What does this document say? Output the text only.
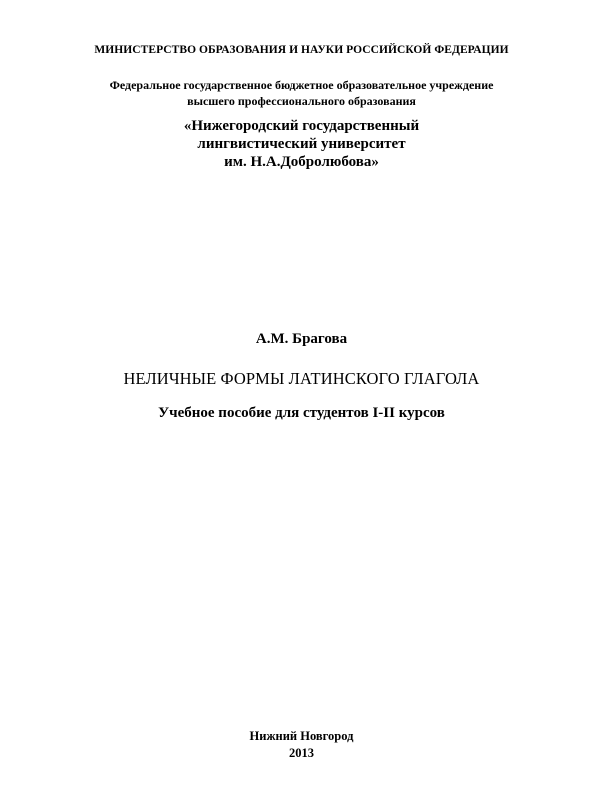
МИНИСТЕРСТВО ОБРАЗОВАНИЯ И НАУКИ РОССИЙСКОЙ ФЕДЕРАЦИИ
Федеральное государственное бюджетное образовательное учреждение
высшего профессионального образования
«Нижегородский государственный
лингвистический университет
им. Н.А.Добролюбова»
А.М. Брагова
НЕЛИЧНЫЕ ФОРМЫ ЛАТИНСКОГО ГЛАГОЛА
Учебное пособие для студентов I-II курсов
Нижний Новгород
2013
